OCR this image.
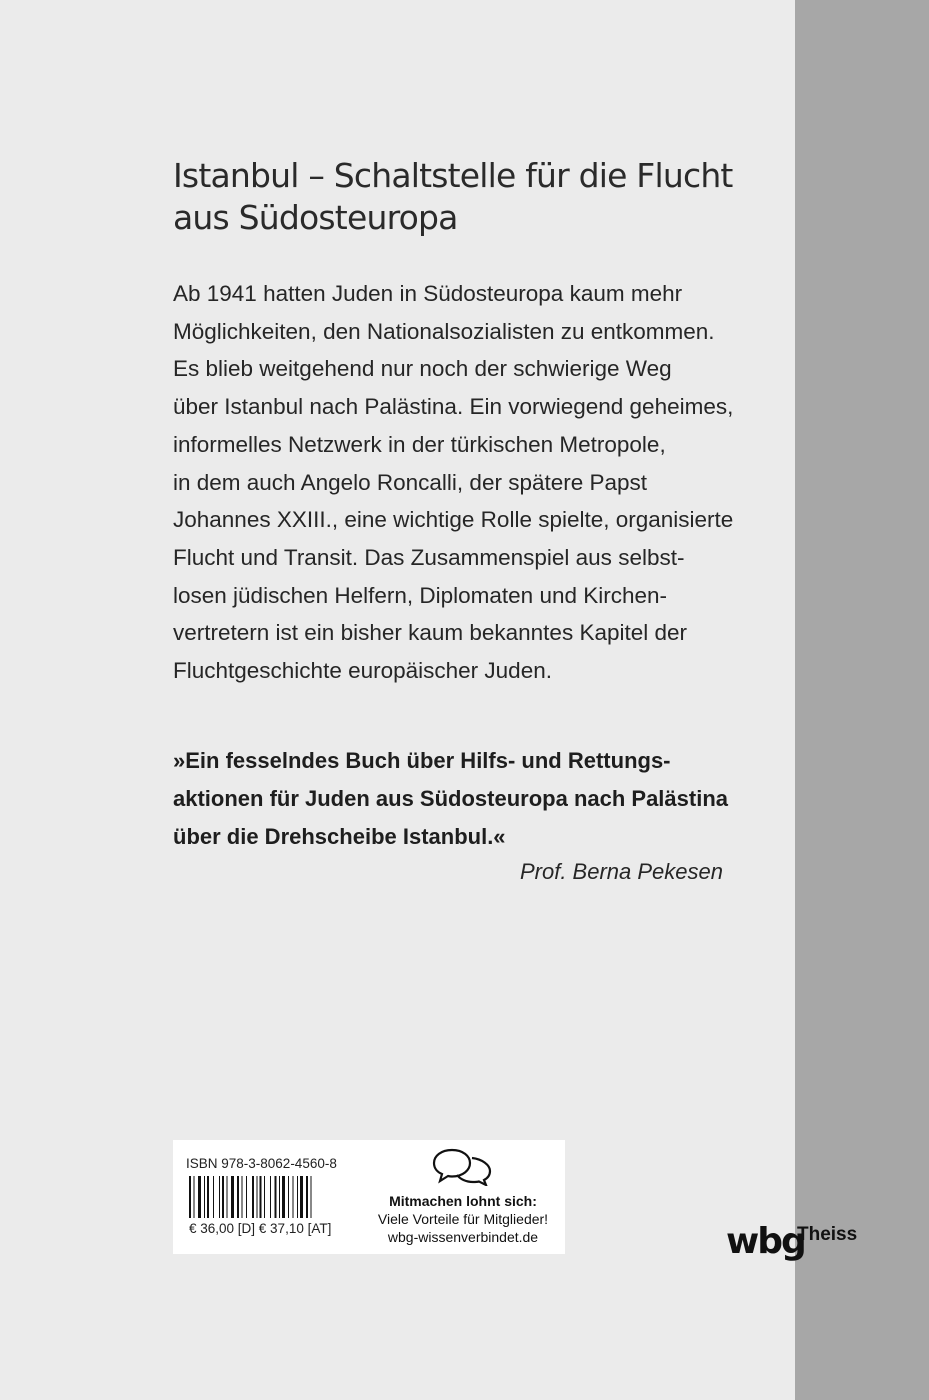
Istanbul – Schaltstelle für die Flucht
aus Südosteuropa

Ab 1941 hatten Juden in Südosteuropa kaum mehr
Möglichkeiten, den Nationalsozialisten zu entkommen.
Es blieb weitgehend nur noch der schwierige Weg
über Istanbul nach Palästina. Ein vorwiegend geheimes,
informelles Netzwerk in der türkischen Metropole,
in dem auch Angelo Roncalli, der spätere Papst
Johannes XXIII., eine wichtige Rolle spielte, organisierte
Flucht und Transit. Das Zusammenspiel aus selbst-
losen jüdischen Helfern, Diplomaten und Kirchen-
vertretern ist ein bisher kaum bekanntes Kapitel der
Fluchtgeschichte europäischer Juden.

»Ein fesselndes Buch über Hilfs- und Rettungs-
aktionen für Juden aus Südosteuropa nach Palästina
über die Drehscheibe Istanbul.«

Prof. Berna Pekesen
ISBN 978-3-8062-4560-8
€ 36,00 [D] € 37,10 [AT]
Mitmachen lohnt sich:
Viele Vorteile für Mitglieder!
wbg-wissenverbindet.de	wbg
Theiss
